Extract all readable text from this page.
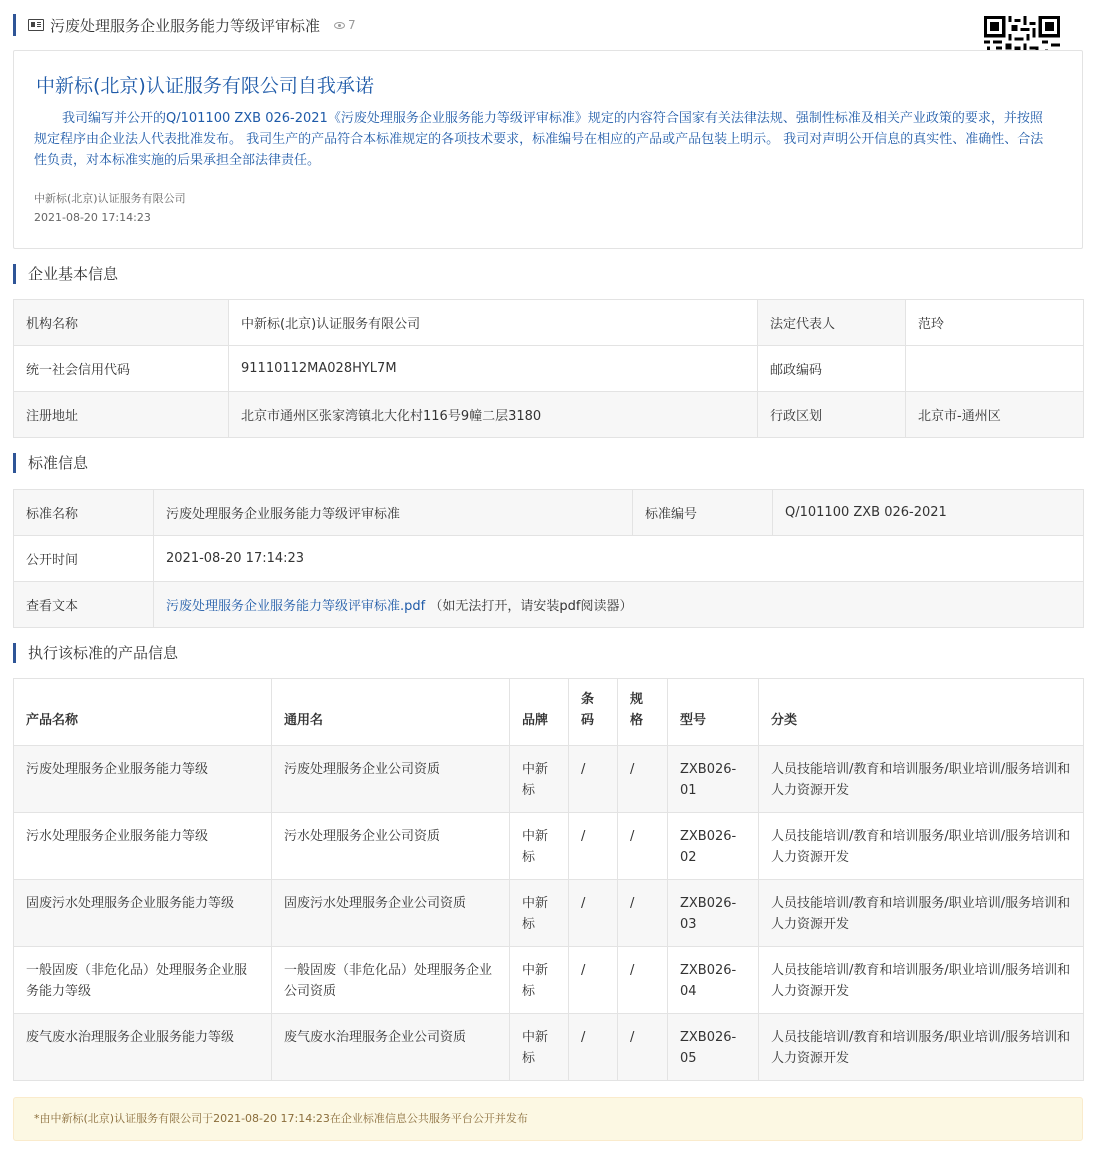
污废处理服务企业服务能力等级评审标准 7
中新标(北京)认证服务有限公司自我承诺

我司编写并公开的Q/101100 ZXB 026-2021《污废处理服务企业服务能力等级评审标准》规定的内容符合国家有关法律法规、强制性标准及相关产业政策的要求，并按照规定程序由企业法人代表批准发布。 我司生产的产品符合本标准规定的各项技术要求，标准编号在相应的产品或产品包装上明示。 我司对声明公开信息的真实性、准确性、合法性负责，对本标准实施的后果承担全部法律责任。

中新标(北京)认证服务有限公司
2021-08-20 17:14:23
企业基本信息
机构名称	中新标(北京)认证服务有限公司	法定代表人	范玲
统一社会信用代码	91110112MA028HYL7M	邮政编码	
注册地址	北京市通州区张家湾镇北大化村116号9幢二层3180	行政区划	北京市-通州区
标准信息
标准名称	污废处理服务企业服务能力等级评审标准	标准编号	Q/101100 ZXB 026-2021
公开时间	2021-08-20 17:14:23		
查看文本	污废处理服务企业服务能力等级评审标准.pdf （如无法打开，请安装pdf阅读器）		
执行该标准的产品信息
产品名称	通用名	品牌	条码	规格	型号	分类
污废处理服务企业服务能力等级	污废处理服务企业公司资质	中新标	/	/	ZXB026-01	人员技能培训/教育和培训服务/职业培训/服务培训和人力资源开发
污水处理服务企业服务能力等级	污水处理服务企业公司资质	中新标	/	/	ZXB026-02	人员技能培训/教育和培训服务/职业培训/服务培训和人力资源开发
固废污水处理服务企业服务能力等级	固废污水处理服务企业公司资质	中新标	/	/	ZXB026-03	人员技能培训/教育和培训服务/职业培训/服务培训和人力资源开发
一般固废（非危化品）处理服务企业服务能力等级	一般固废（非危化品）处理服务企业公司资质	中新标	/	/	ZXB026-04	人员技能培训/教育和培训服务/职业培训/服务培训和人力资源开发
废气废水治理服务企业服务能力等级	废气废水治理服务企业公司资质	中新标	/	/	ZXB026-05	人员技能培训/教育和培训服务/职业培训/服务培训和人力资源开发
*由中新标(北京)认证服务有限公司于2021-08-20 17:14:23在企业标准信息公共服务平台公开并发布
